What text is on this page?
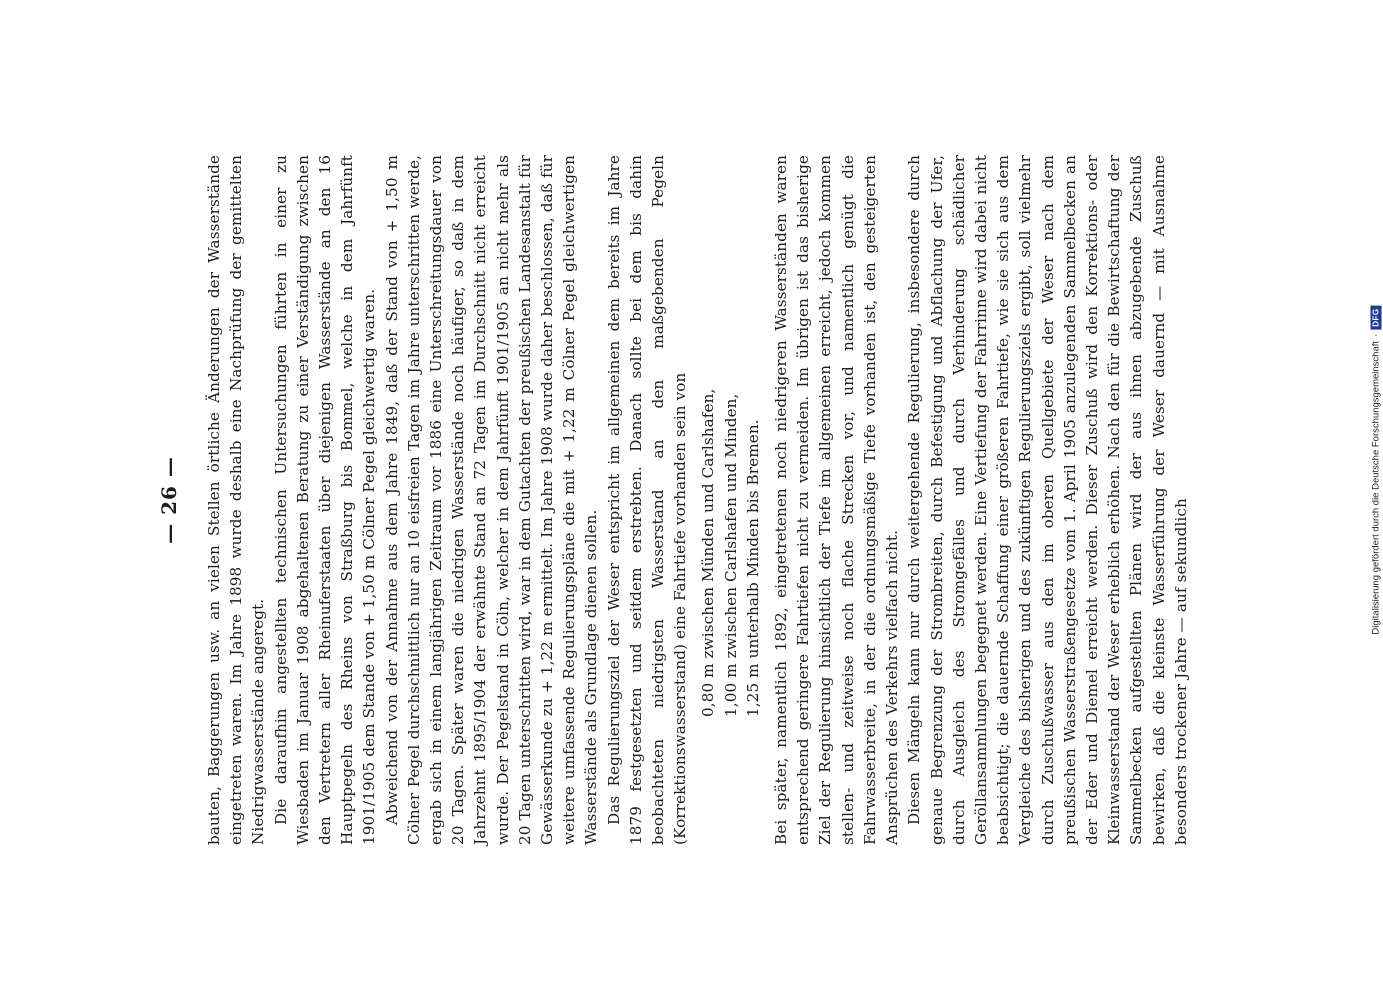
— 26 —	bauten, Baggerungen usw. an vielen Stellen örtliche Änderungen der Wasserstände eingetreten waren. Im Jahre 1898 wurde deshalb eine Nachprüfung der gemittelten Niedrigwasserstände angeregt. Die daraufhin angestellten technischen Untersuchungen führten in einer zu Wiesbaden im Januar 1908 abgehaltenen Beratung zu einer Verständigung zwischen den Vertretern aller Rheinuferstaaten über diejenigen Wasserstände an den 16 Hauptpegeln des Rheins von Straßburg bis Bommel, welche in dem Jahrfünft 1901/1905 dem Stande von + 1,50 m Cölner Pegel gleichwertig waren. Abweichend von der Annahme aus dem Jahre 1849, daß der Stand von + 1,50 m Cölner Pegel durchschnittlich nur an 10 eisfreien Tagen im Jahre unterschritten werde, ergab sich in einem langjährigen Zeitraum vor 1886 eine Unterschreitungsdauer von 20 Tagen. Später waren die niedrigen Wasserstände noch häufiger, so daß in dem Jahrzehnt 1895/1904 der erwähnte Stand an 72 Tagen im Durchschnitt nicht erreicht wurde. Der Pegelstand in Cöln, welcher in dem Jahrfünft 1901/1905 an nicht mehr als 20 Tagen unterschritten wird, war in dem Gutachten der preußischen Landesanstalt für Gewässerkunde zu + 1,22 m ermittelt. Im Jahre 1908 wurde daher beschlossen, daß für weitere umfassende Regulierungspläne die mit + 1,22 m Cölner Pegel gleichwertigen Wasserstände als Grundlage dienen sollen. Das Regulierungsziel der Weser entspricht im allgemeinen dem bereits im Jahre 1879 festgesetzten und seitdem erstrebten. Danach sollte bei dem bis dahin beobachteten niedrigsten Wasserstand an den maßgebenden Pegeln (Korrektionswasserstand) eine Fahrtiefe vorhanden sein von 0,80 m zwischen Münden und Carlshafen, 1,00 m zwischen Carlshafen und Minden, 1,25 m unterhalb Minden bis Bremen. Bei später, namentlich 1892, eingetretenen noch niedrigeren Wasserständen waren entsprechend geringere Fahrtiefen nicht zu vermeiden. Im übrigen ist das bisherige Ziel der Regulierung hinsichtlich der Tiefe im allgemeinen erreicht, jedoch kommen stellen- und zeitweise noch flache Strecken vor, und namentlich genügt die Fahrwasserbreite, in der die ordnungsmäßige Tiefe vorhanden ist, den gesteigerten Ansprüchen des Verkehrs vielfach nicht. Diesen Mängeln kann nur durch weitergehende Regulierung, insbesondere durch genaue Begrenzung der Strombreiten, durch Befestigung und Abflachung der Ufer, durch Ausgleich des Stromgefälles und durch Verhinderung schädlicher Geröllansammlungen begegnet werden. Eine Vertiefung der Fahrrinne wird dabei nicht beabsichtigt; die dauernde Schaffung einer größeren Fahrtiefe, wie sie sich aus dem Vergleiche des bisherigen und des zukünftigen Regulierungsziels ergibt, soll vielmehr durch Zuschußwasser aus den im oberen Quellgebiete der Weser nach dem preußischen Wasserstraßengesetze vom 1. April 1905 anzulegenden Sammelbecken an der Eder und Diemel erreicht werden. Dieser Zuschuß wird den Korrektions- oder Kleinwasserstand der Weser erheblich erhöhen. Nach den für die Bewirtschaftung der Sammelbecken aufgestellten Plänen wird der aus ihnen abzugebende Zuschuß bewirken, daß die kleinste Wasserführung der Weser dauernd — mit Ausnahme besonders trockener Jahre — auf sekundlich

Digitalisierung gefördert durch die Deutsche Forschungsgemeinschaft
·
DFG
